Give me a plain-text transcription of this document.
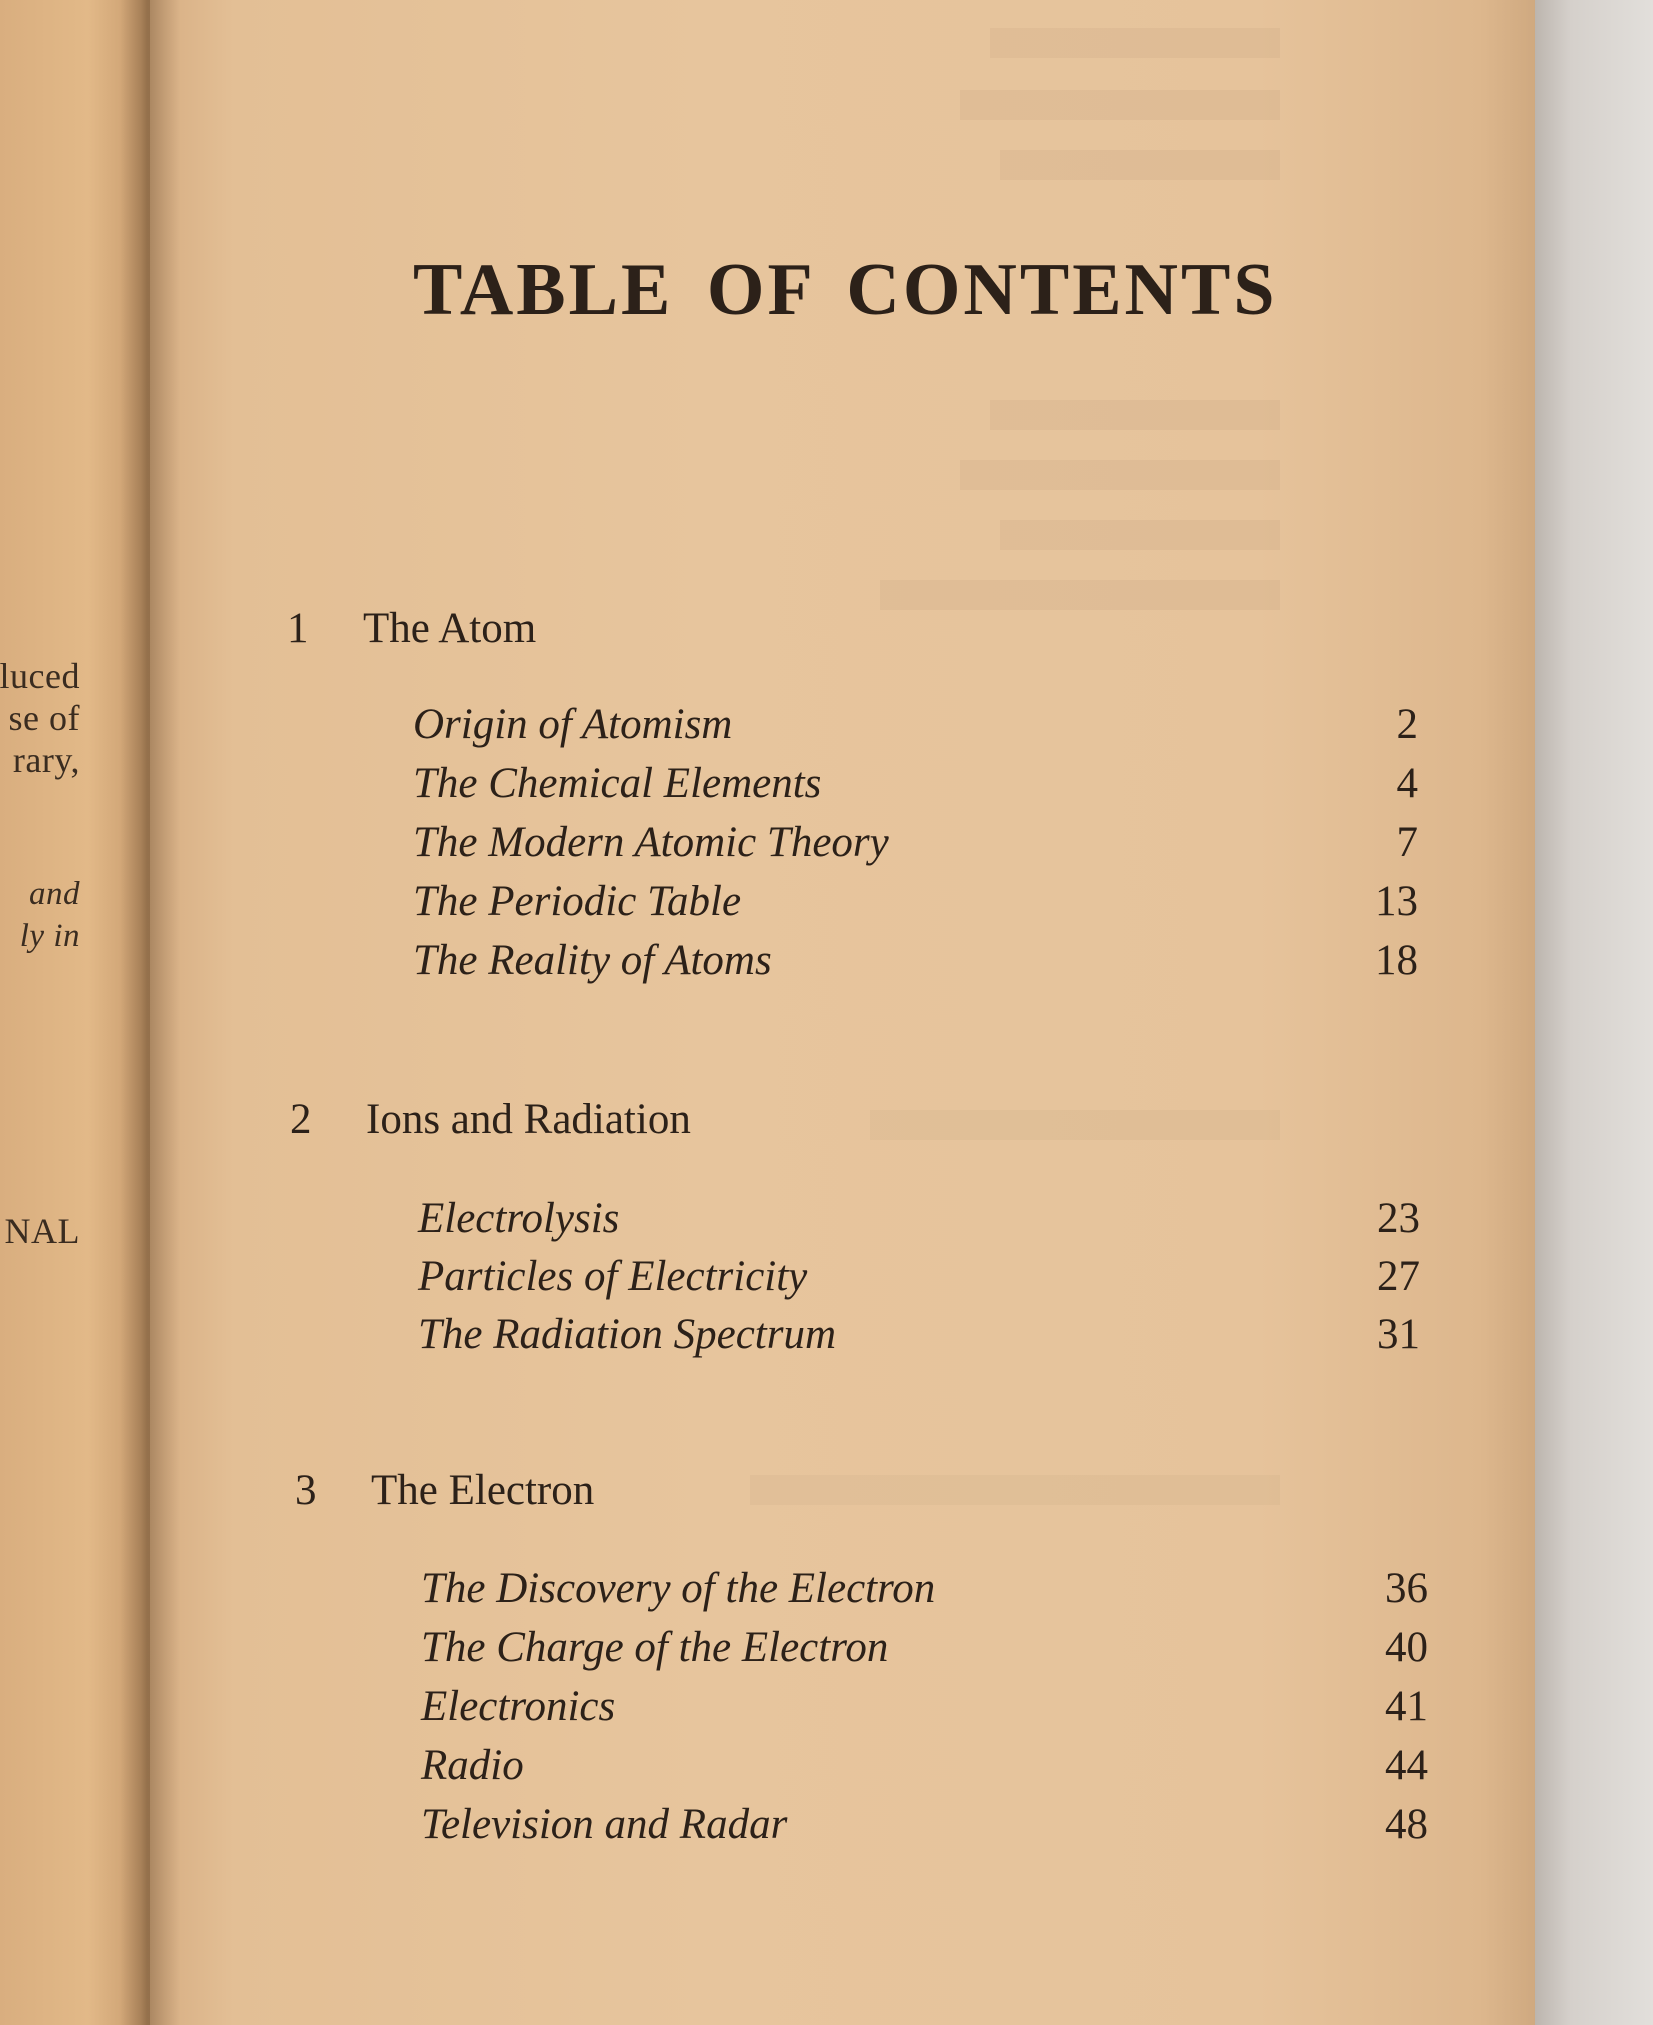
luced
se of
rary,
and
ly in
NAL
TABLE OF CONTENTS
1 The Atom
Origin of Atomism	2
The Chemical Elements	4
The Modern Atomic Theory	7
The Periodic Table	13
The Reality of Atoms	18
2 Ions and Radiation
Electrolysis	23
Particles of Electricity	27
The Radiation Spectrum	31
3 The Electron
The Discovery of the Electron	36
The Charge of the Electron	40
Electronics	41
Radio	44
Television and Radar	48
